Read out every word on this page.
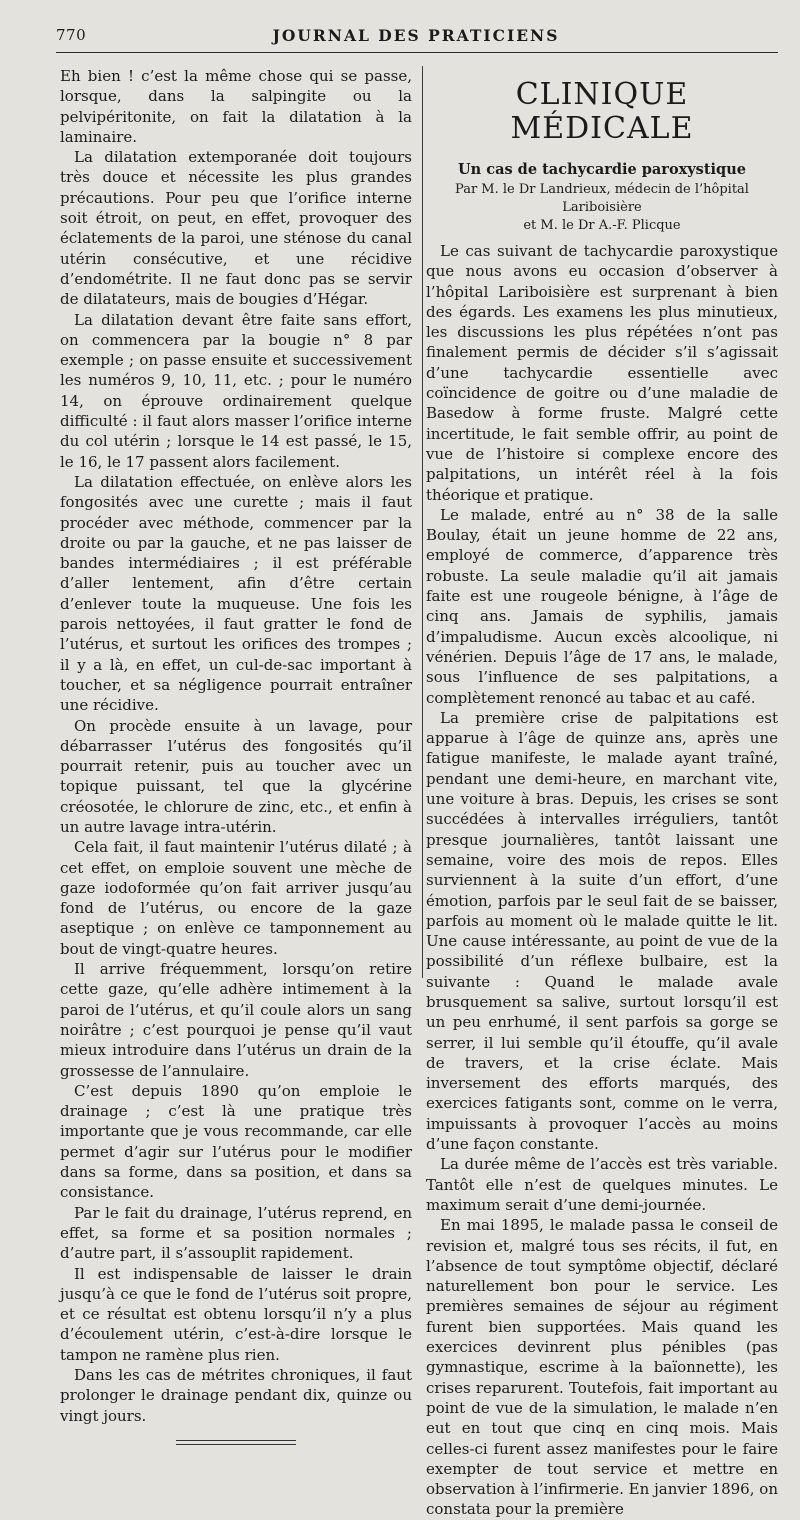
770	JOURNAL DES PRATICIENS

Eh bien ! c’est la même chose qui se passe, lorsque, dans la salpingite ou la pelvipéritonite, on fait la dilatation à la laminaire.

La dilatation extemporanée doit toujours très douce et nécessite les plus grandes précautions. Pour peu que l’orifice interne soit étroit, on peut, en effet, provoquer des éclatements de la paroi, une sténose du canal utérin consécutive, et une récidive d’endométrite. Il ne faut donc pas se servir de dilatateurs, mais de bougies d’Hégar.

La dilatation devant être faite sans effort, on commencera par la bougie n° 8 par exemple ; on passe ensuite et successivement les numéros 9, 10, 11, etc. ; pour le numéro 14, on éprouve ordinairement quelque difficulté : il faut alors masser l’orifice interne du col utérin ; lorsque le 14 est passé, le 15, le 16, le 17 passent alors facilement.

La dilatation effectuée, on enlève alors les fongosités avec une curette ; mais il faut procéder avec méthode, commencer par la droite ou par la gauche, et ne pas laisser de bandes intermédiaires ; il est préférable d’aller lentement, afin d’être certain d’enlever toute la muqueuse. Une fois les parois nettoyées, il faut gratter le fond de l’utérus, et surtout les orifices des trompes ; il y a là, en effet, un cul-de-sac important à toucher, et sa négligence pourrait entraîner une récidive.

On procède ensuite à un lavage, pour débarrasser l’utérus des fongosités qu’il pourrait retenir, puis au toucher avec un topique puissant, tel que la glycérine créosotée, le chlorure de zinc, etc., et enfin à un autre lavage intra-utérin.

Cela fait, il faut maintenir l’utérus dilaté ; à cet effet, on emploie souvent une mèche de gaze iodoformée qu’on fait arriver jusqu’au fond de l’utérus, ou encore de la gaze aseptique ; on enlève ce tamponnement au bout de vingt-quatre heures.

Il arrive fréquemment, lorsqu’on retire cette gaze, qu’elle adhère intimement à la paroi de l’utérus, et qu’il coule alors un sang noirâtre ; c’est pourquoi je pense qu’il vaut mieux introduire dans l’utérus un drain de la grossesse de l’annulaire.

C’est depuis 1890 qu’on emploie le drainage ; c’est là une pratique très importante que je vous recommande, car elle permet d’agir sur l’utérus pour le modifier dans sa forme, dans sa position, et dans sa consistance.

Par le fait du drainage, l’utérus reprend, en effet, sa forme et sa position normales ; d’autre part, il s’assouplit rapidement.

Il est indispensable de laisser le drain jusqu’à ce que le fond de l’utérus soit propre, et ce résultat est obtenu lorsqu’il n’y a plus d’écoulement utérin, c’est-à-dire lorsque le tampon ne ramène plus rien.

Dans les cas de métrites chroniques, il faut prolonger le drainage pendant dix, quinze ou vingt jours.

CLINIQUE MÉDICALE
Un cas de tachycardie paroxystique
Par M. le Dr Landrieux, médecin de l’hôpital Lariboisière
et M. le Dr A.-F. Plicque

Le cas suivant de tachycardie paroxystique que nous avons eu occasion d’observer à l’hôpital Lariboisière est surprenant à bien des égards. Les examens les plus minutieux, les discussions les plus répétées n’ont pas finalement permis de décider s’il s’agissait d’une tachycardie essentielle avec coïncidence de goitre ou d’une maladie de Basedow à forme fruste. Malgré cette incertitude, le fait semble offrir, au point de vue de l’histoire si complexe encore des palpitations, un intérêt réel à la fois théorique et pratique.

Le malade, entré au n° 38 de la salle Boulay, était un jeune homme de 22 ans, employé de commerce, d’apparence très robuste. La seule maladie qu’il ait jamais faite est une rougeole bénigne, à l’âge de cinq ans. Jamais de syphilis, jamais d’impaludisme. Aucun excès alcoolique, ni vénérien. Depuis l’âge de 17 ans, le malade, sous l’influence de ses palpitations, a complètement renoncé au tabac et au café.

La première crise de palpitations est apparue à l’âge de quinze ans, après une fatigue manifeste, le malade ayant traîné, pendant une demi-heure, en marchant vite, une voiture à bras. Depuis, les crises se sont succédées à intervalles irréguliers, tantôt presque journalières, tantôt laissant une semaine, voire des mois de repos. Elles surviennent à la suite d’un effort, d’une émotion, parfois par le seul fait de se baisser, parfois au moment où le malade quitte le lit. Une cause intéressante, au point de vue de la possibilité d’un réflexe bulbaire, est la suivante : Quand le malade avale brusquement sa salive, surtout lorsqu’il est un peu enrhumé, il sent parfois sa gorge se serrer, il lui semble qu’il étouffe, qu’il avale de travers, et la crise éclate. Mais inversement des efforts marqués, des exercices fatigants sont, comme on le verra, impuissants à provoquer l’accès au moins d’une façon constante.

La durée même de l’accès est très variable. Tantôt elle n’est de quelques minutes. Le maximum serait d’une demi-journée.

En mai 1895, le malade passa le conseil de revision et, malgré tous ses récits, il fut, en l’absence de tout symptôme objectif, déclaré naturellement bon pour le service. Les premières semaines de séjour au régiment furent bien supportées. Mais quand les exercices devinrent plus pénibles (pas gymnastique, escrime à la baïonnette), les crises reparurent. Toutefois, fait important au point de vue de la simulation, le malade n’en eut en tout que cinq en cinq mois. Mais celles-ci furent assez manifestes pour le faire exempter de tout service et mettre en observation à l’infirmerie. En janvier 1896, on constata pour la première
